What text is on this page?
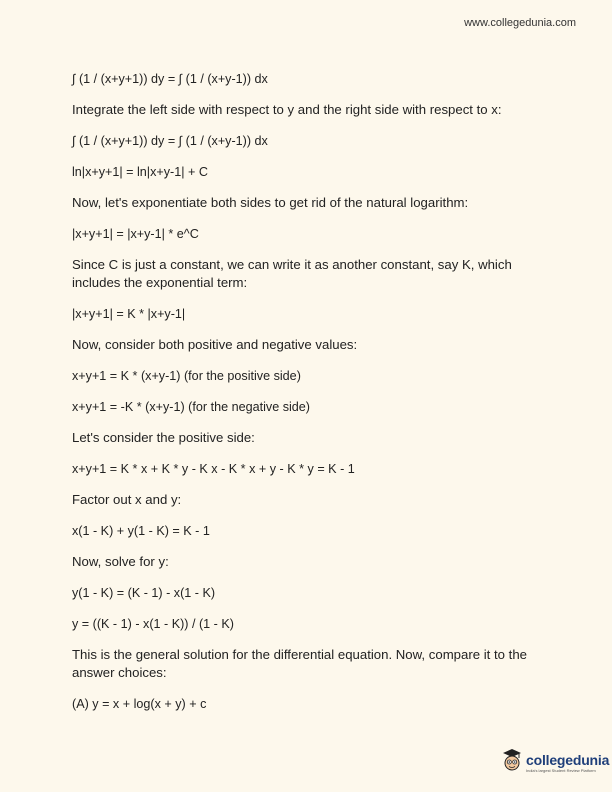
www.collegedunia.com

∫ (1 / (x+y+1)) dy = ∫ (1 / (x+y-1)) dx

Integrate the left side with respect to y and the right side with respect to x:

∫ (1 / (x+y+1)) dy = ∫ (1 / (x+y-1)) dx

ln|x+y+1| = ln|x+y-1| + C

Now, let's exponentiate both sides to get rid of the natural logarithm:

|x+y+1| = |x+y-1| * e^C

Since C is just a constant, we can write it as another constant, say K, which includes the exponential term:

|x+y+1| = K * |x+y-1|

Now, consider both positive and negative values:

x+y+1 = K * (x+y-1) (for the positive side)

x+y+1 = -K * (x+y-1) (for the negative side)

Let's consider the positive side:

x+y+1 = K * x + K * y - K x - K * x + y - K * y = K - 1

Factor out x and y:

x(1 - K) + y(1 - K) = K - 1

Now, solve for y:

y(1 - K) = (K - 1) - x(1 - K)

y = ((K - 1) - x(1 - K)) / (1 - K)

This is the general solution for the differential equation. Now, compare it to the answer choices:

(A) y = x + log(x + y) + c

collegedunia
India's largest Student Review Platform
